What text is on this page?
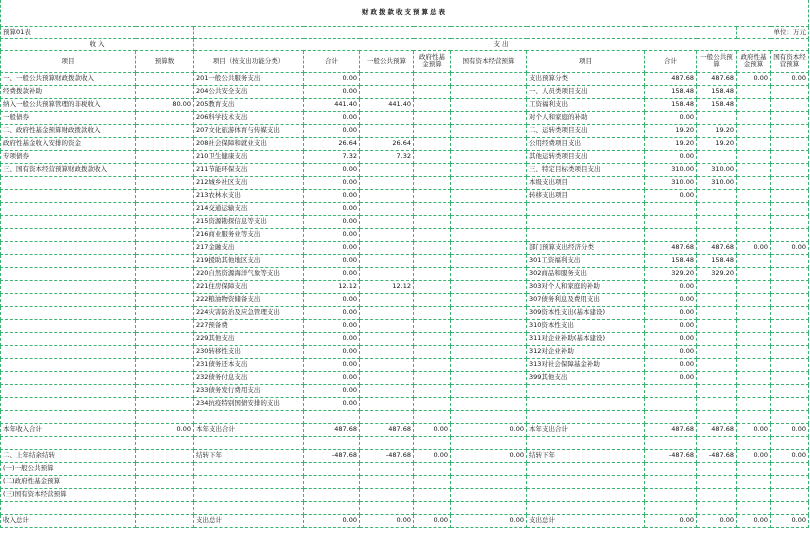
财政拨款收支预算总表											
预算01表										单位：万元	
收 入		支 出									
项目	预算数	项目（按支出功能分类）	合计	一般公共预算	政府性基金预算	国有资本经营预算	项目	合计	一般公共预算	政府性基金预算	国有资本经营预算
一、一般公共预算财政拨款收入		201一般公共服务支出	0.00				支出预算分类	487.68	487.68	0.00	0.00
经费拨款补助		204公共安全支出	0.00				一、人员类项目支出	158.48	158.48		
纳入一般公共预算管理的非税收入	80.00	205教育支出	441.40	441.40			工资福利支出	158.48	158.48		
一般债券		206科学技术支出	0.00				对个人和家庭的补助	0.00			
二、政府性基金预算财政拨款收入		207文化旅游体育与传媒支出	0.00				二、运转类项目支出	19.20	19.20		
政府性基金收入安排的资金		208社会保障和就业支出	26.64	26.64			公用经费项目支出	19.20	19.20		
专项债券		210卫生健康支出	7.32	7.32			其他运转类项目支出	0.00			
三、国有资本经营预算财政拨款收入		211节能环保支出	0.00				三、特定目标类项目支出	310.00	310.00		
		212城乡社区支出	0.00				本级支出项目	310.00	310.00		
		213农林水支出	0.00				转移支出项目	0.00			
		214交通运输支出	0.00								
		215资源勘探信息等支出	0.00								
		216商业服务业等支出	0.00								
		217金融支出	0.00				部门预算支出经济分类	487.68	487.68	0.00	0.00
		219援助其他地区支出	0.00				301工资福利支出	158.48	158.48		
		220自然资源海洋气象等支出	0.00				302商品和服务支出	329.20	329.20		
		221住房保障支出	12.12	12.12			303对个人和家庭的补助	0.00			
		222粮油物资储备支出	0.00				307债务利息及费用支出	0.00			
		224灾害防治及应急管理支出	0.00				309资本性支出(基本建设)	0.00			
		227预备费	0.00				310资本性支出	0.00			
		229其他支出	0.00				311对企业补助(基本建设)	0.00			
		230转移性支出	0.00				312对企业补助	0.00			
		231债务还本支出	0.00				313对社会保障基金补助	0.00			
		232债务付息支出	0.00				399其他支出	0.00			
		233债务发行费用支出	0.00								
		234抗疫特别国债安排的支出	0.00								

本年收入合计	0.00	本年支出合计	487.68	487.68	0.00	0.00	本年支出合计	487.68	487.68	0.00	0.00

二、上年结余结转		结转下年	-487.68	-487.68	0.00	0.00	结转下年	-487.68	-487.68	0.00	0.00
(一)一般公共预算											
(二)政府性基金预算											
(三)国有资本经营预算											

收入总计		支出总计	0.00	0.00	0.00	0.00	支出总计	0.00	0.00	0.00	0.00
